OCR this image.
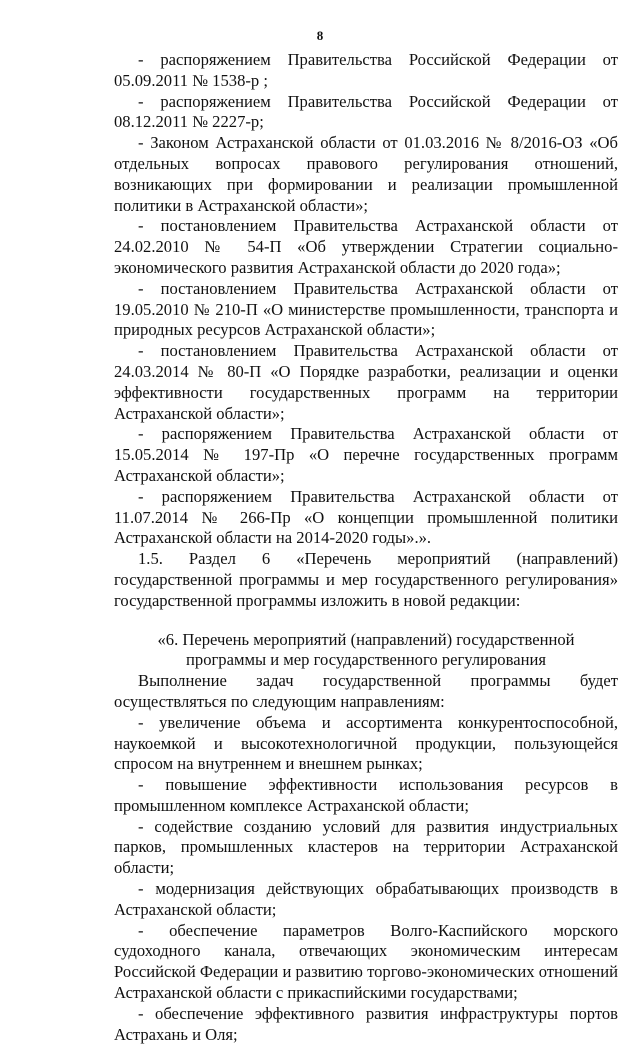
8

- распоряжением Правительства Российской Федерации от 05.09.2011 № 1538-р ;

- распоряжением Правительства Российской Федерации от 08.12.2011 № 2227-р;

- Законом Астраханской области от 01.03.2016 № 8/2016-ОЗ «Об отдельных вопросах правового регулирования отношений, возникающих при формировании и реализации промышленной политики в Астраханской области»;

- постановлением Правительства Астраханской области от 24.02.2010 № 54-П «Об утверждении Стратегии социально-экономического развития Астраханской области до 2020 года»;

- постановлением Правительства Астраханской области от 19.05.2010 № 210-П «О министерстве промышленности, транспорта и природных ресурсов Астраханской области»;

- постановлением Правительства Астраханской области от 24.03.2014 № 80-П «О Порядке разработки, реализации и оценки эффективности государственных программ на территории Астраханской области»;

- распоряжением Правительства Астраханской области от 15.05.2014 № 197-Пр «О перечне государственных программ Астраханской области»;

- распоряжением Правительства Астраханской области от 11.07.2014 № 266-Пр «О концепции промышленной политики Астраханской области на 2014-2020 годы».».

1.5. Раздел 6 «Перечень мероприятий (направлений) государственной программы и мер государственного регулирования» государственной программы изложить в новой редакции:

«6. Перечень мероприятий (направлений) государственной программы и мер государственного регулирования

Выполнение задач государственной программы будет осуществляться по следующим направлениям:

- увеличение объема и ассортимента конкурентоспособной, наукоемкой и высокотехнологичной продукции, пользующейся спросом на внутреннем и внешнем рынках;

- повышение эффективности использования ресурсов в промышленном комплексе Астраханской области;

- содействие созданию условий для развития индустриальных парков, промышленных кластеров на территории Астраханской области;

- модернизация действующих обрабатывающих производств в Астраханской области;

- обеспечение параметров Волго-Каспийского морского судоходного канала, отвечающих экономическим интересам Российской Федерации и развитию торгово-экономических отношений Астраханской области с прикаспийскими государствами;

- обеспечение эффективного развития инфраструктуры портов Астрахань и Оля;
